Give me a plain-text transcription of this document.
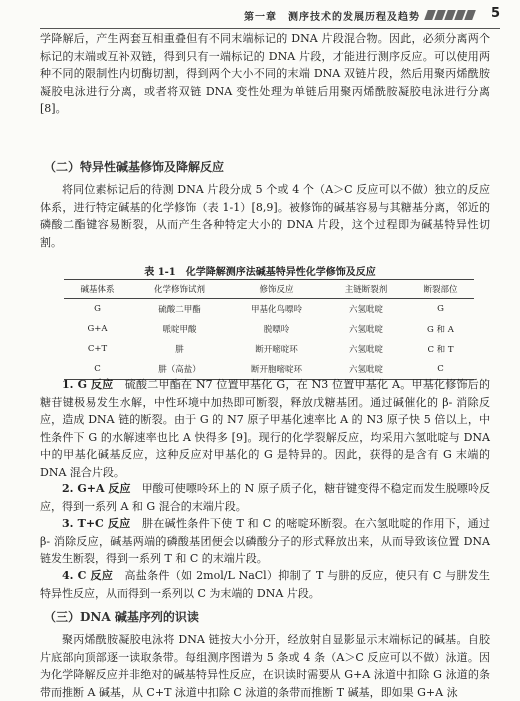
第一章　测序技术的发展历程及趋势	5

学降解后，产生两套互相重叠但有不同末端标记的 DNA 片段混合物。因此，必须分离两个标记的末端或互补双链，得到只有一端标记的 DNA 片段，才能进行测序反应。可以使用两种不同的限制性内切酶切割，得到两个大小不同的末端 DNA 双链片段，然后用聚丙烯酰胺凝胶电泳进行分离，或者将双链 DNA 变性处理为单链后用聚丙烯酰胺凝胶电泳进行分离 [8]。

（二）特异性碱基修饰及降解反应

将同位素标记后的待测 DNA 片段分成 5 个或 4 个（A＞C 反应可以不做）独立的反应体系，进行特定碱基的化学修饰（表 1-1）[8,9]。被修饰的碱基容易与其糖基分离，邻近的磷酸二酯键容易断裂，从而产生各种特定大小的 DNA 片段，这个过程即为碱基特异性切割。

表 1-1　化学降解测序法碱基特异性化学修饰及反应
碱基体系	化学修饰试剂	修饰反应	主链断裂剂	断裂部位
G	硫酸二甲酯	甲基化鸟嘌呤	六氢吡啶	G
G+A	哌啶甲酸	脱嘌呤	六氢吡啶	G 和 A
C+T	肼	断开嘧啶环	六氢吡啶	C 和 T
C	肼（高盐）	断开胞嘧啶环	六氢吡啶	C

1. G 反应　 硫酸二甲酯在 N7 位置甲基化 G，在 N3 位置甲基化 A。甲基化修饰后的糖苷键极易发生水解，中性环境中加热即可断裂，释放戊糖基团。通过碱催化的 β- 消除反应，造成 DNA 链的断裂。由于 G 的 N7 原子甲基化速率比 A 的 N3 原子快 5 倍以上，中性条件下 G 的水解速率也比 A 快得多 [9]。现行的化学裂解反应，均采用六氢吡啶与 DNA 中的甲基化碱基反应，这种反应对甲基化的 G 是特异的。因此，获得的是含有 G 末端的 DNA 混合片段。

2. G+A 反应　 甲酸可使嘌呤环上的 N 原子质子化，糖苷键变得不稳定而发生脱嘌呤反应，得到一系列 A 和 G 混合的末端片段。

3. T+C 反应　 肼在碱性条件下使 T 和 C 的嘧啶环断裂。在六氢吡啶的作用下，通过 β- 消除反应，碱基两端的磷酸基团便会以磷酸分子的形式释放出来，从而导致该位置 DNA 链发生断裂，得到一系列 T 和 C 的末端片段。

4. C 反应　 高盐条件（如 2mol/L NaCl）抑制了 T 与肼的反应，使只有 C 与肼发生特异性反应，从而得到一系列以 C 为末端的 DNA 片段。

（三）DNA 碱基序列的识读

聚丙烯酰胺凝胶电泳将 DNA 链按大小分开，经放射自显影显示末端标记的碱基。自胶片底部向顶部逐一读取条带。每组测序图谱为 5 条或 4 条（A＞C 反应可以不做）泳道。因为化学降解反应并非绝对的碱基特异性反应，在识读时需要从 G+A 泳道中扣除 G 泳道的条带而推断 A 碱基，从 C+T 泳道中扣除 C 泳道的条带而推断 T 碱基，即如果 G+A 泳
